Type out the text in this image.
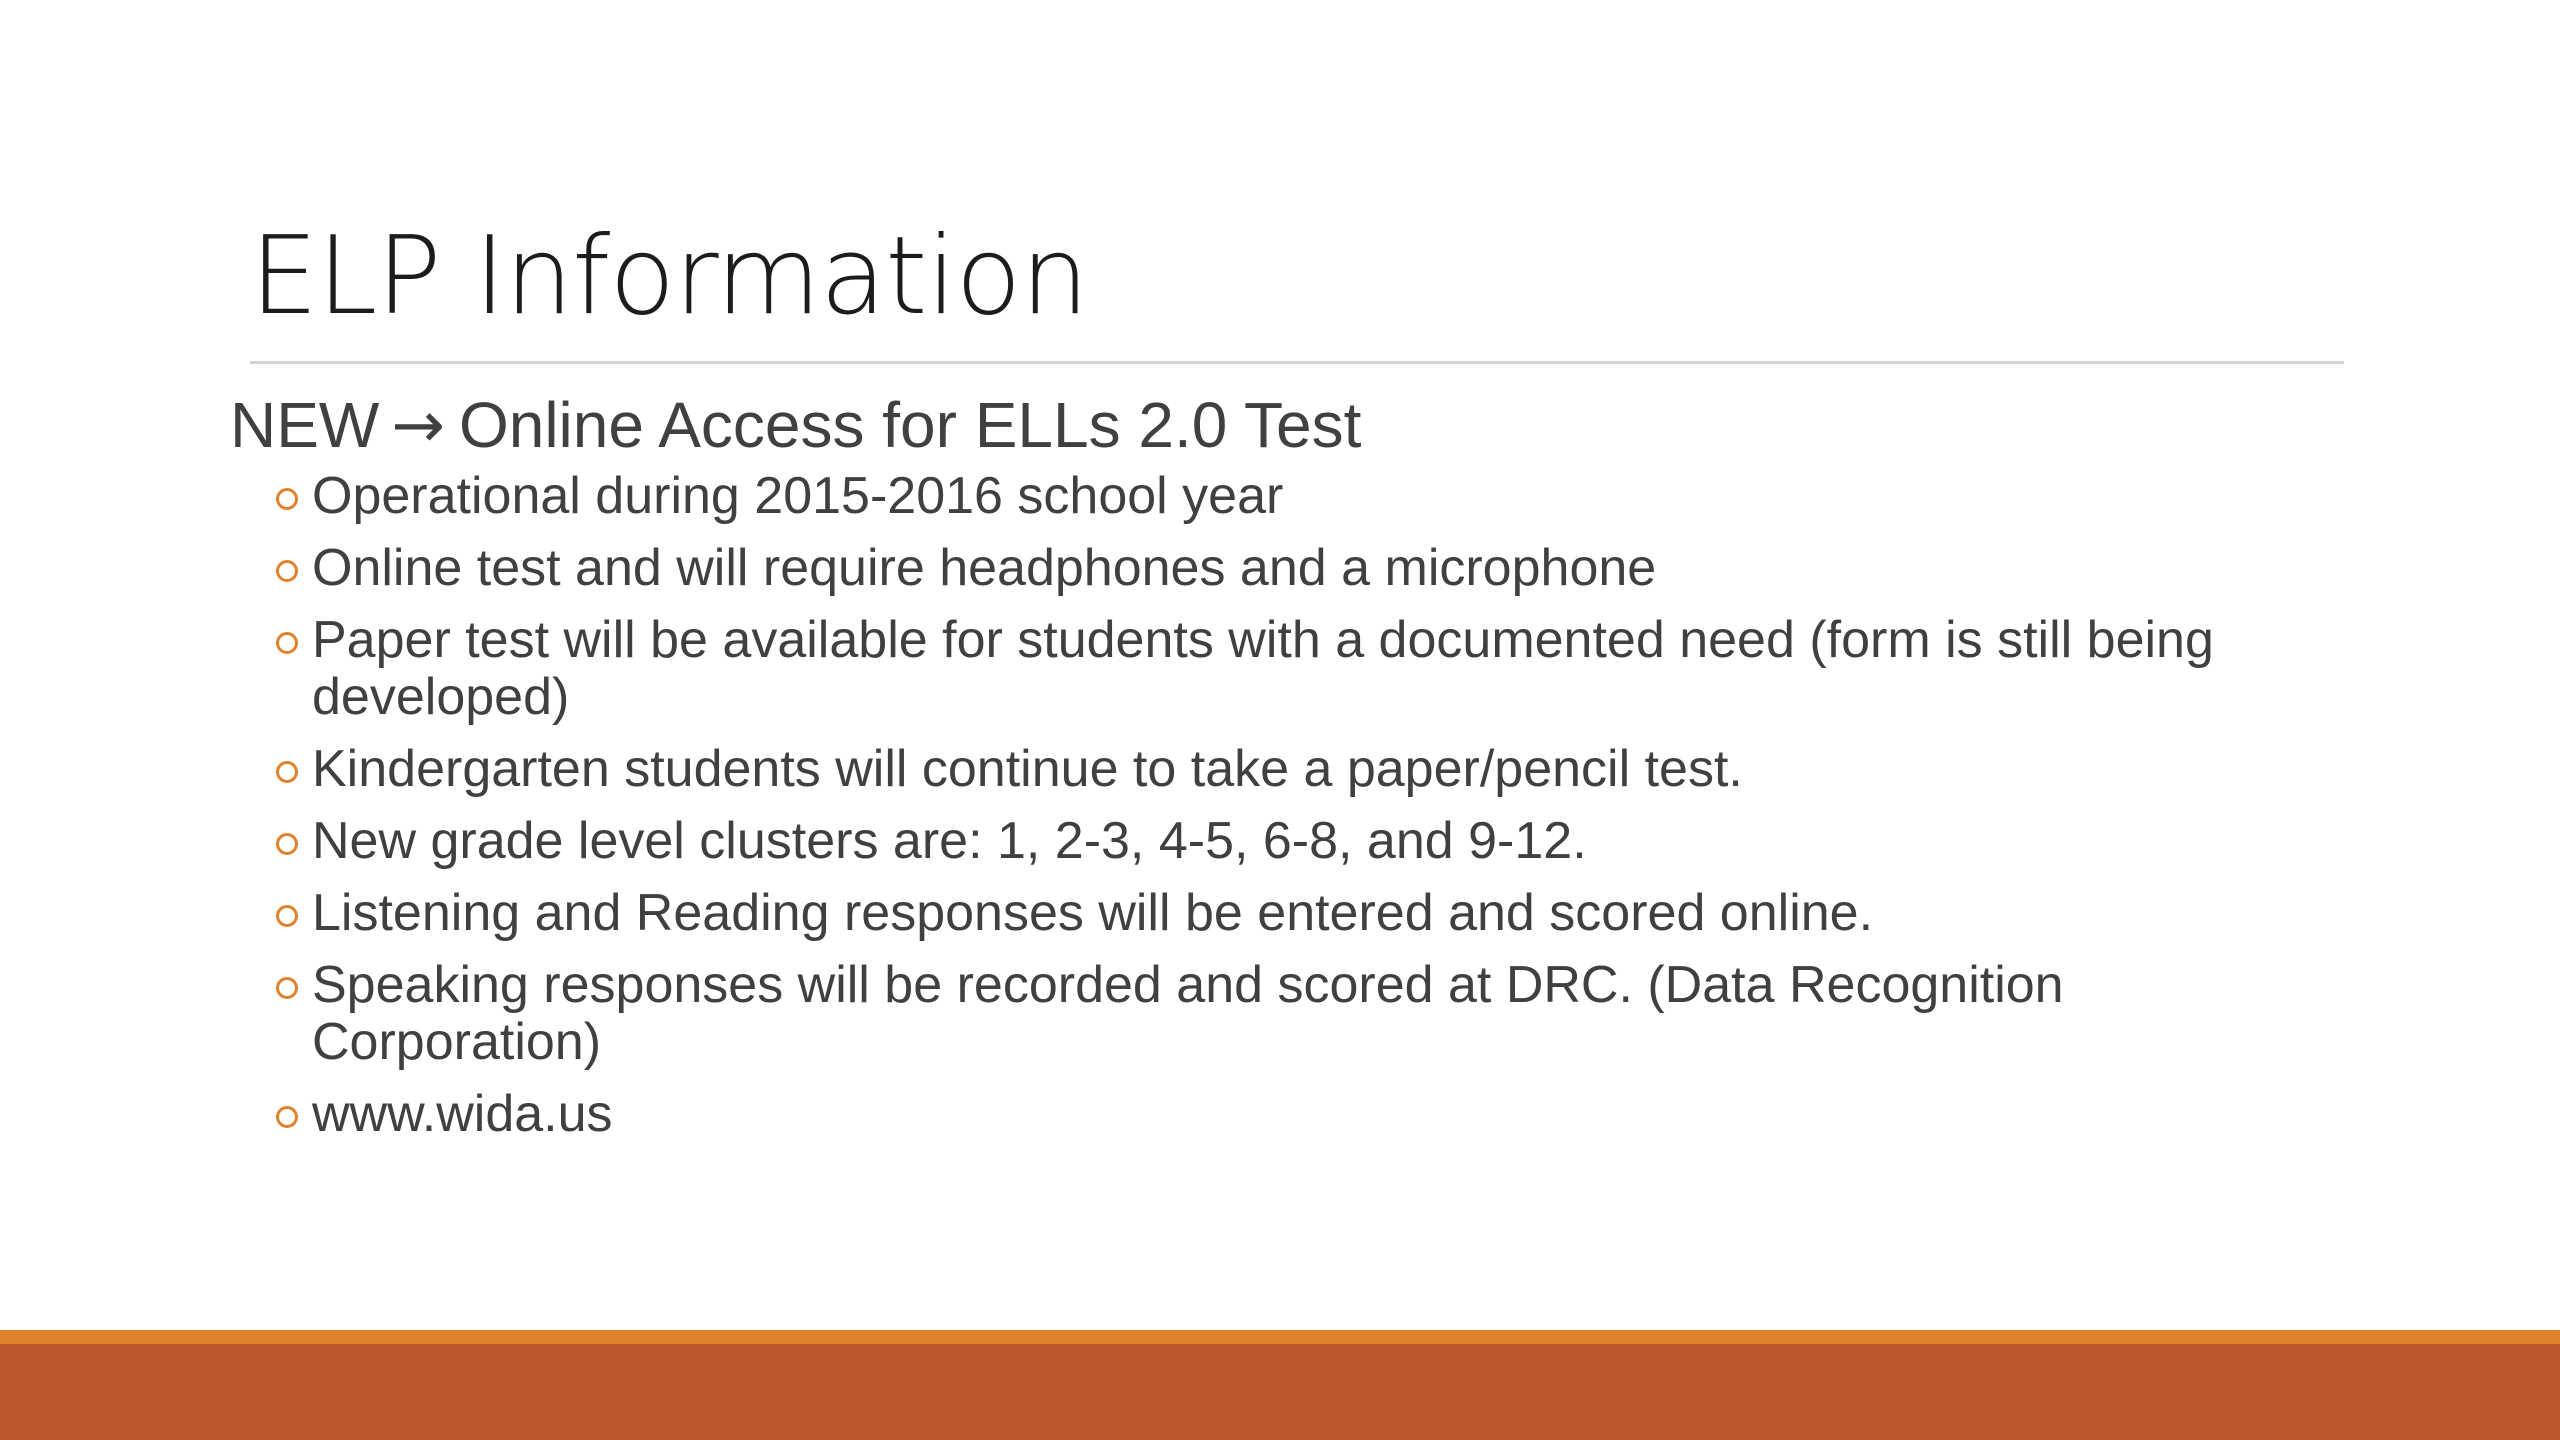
ELP Information
NEW → Online Access for ELLs 2.0 Test
Operational during 2015-2016 school year
Online test and will require headphones and a microphone
Paper test will be available for students with a documented need (form is still being developed)
Kindergarten students will continue to take a paper/pencil test.
New grade level clusters are: 1, 2-3, 4-5, 6-8, and 9-12.
Listening and Reading responses will be entered and scored online.
Speaking responses will be recorded and scored at DRC. (Data Recognition Corporation)
www.wida.us
